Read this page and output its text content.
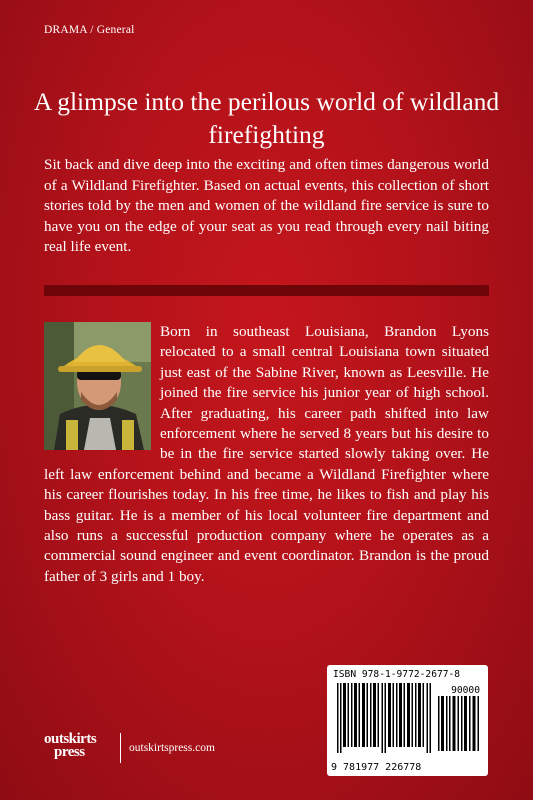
DRAMA / General
A glimpse into the perilous world of wildland firefighting
Sit back and dive deep into the exciting and often times dangerous world of a Wildland Firefighter. Based on actual events, this collection of short stories told by the men and women of the wildland fire service is sure to have you on the edge of your seat as you read through every nail biting real life event.
Born in southeast Louisiana, Brandon Lyons relocated to a small central Louisiana town situated just east of the Sabine River, known as Leesville. He joined the fire service his junior year of high school. After graduating, his career path shifted into law enforcement where he served 8 years but his desire to be in the fire service started slowly taking over. He left law enforcement behind and became a Wildland Firefighter where his career flourishes today. In his free time, he likes to fish and play his bass guitar. He is a member of his local volunteer fire department and also runs a successful production company where he operates as a commercial sound engineer and event coordinator. Brandon is the proud father of 3 girls and 1 boy.
outskirts
press	outskirtspress.com
ISBN 978-1-9772-2677-8
90000
9 781977 226778
